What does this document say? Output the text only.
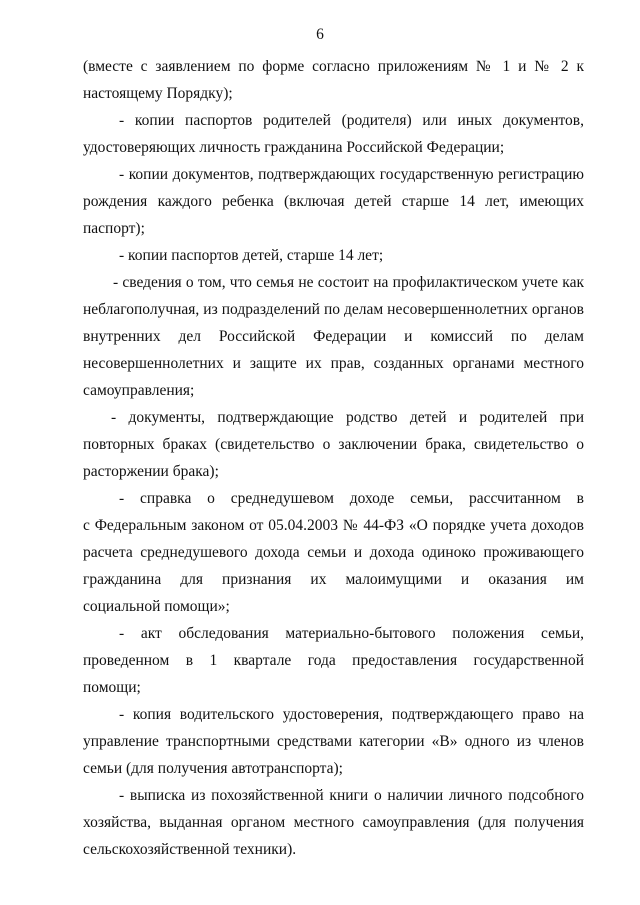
6
(вместе с заявлением по форме согласно приложениям № 1 и № 2 к
настоящему Порядку);
- копии паспортов родителей (родителя) или иных документов,
удостоверяющих личность гражданина Российской Федерации;
- копии документов, подтверждающих государственную регистрацию
рождения каждого ребенка (включая детей старше 14 лет, имеющих
паспорт);
- копии паспортов детей, старше 14 лет;
- сведения о том, что семья не состоит на профилактическом учете как
неблагополучная, из подразделений по делам несовершеннолетних органов
внутренних дел Российской Федерации и комиссий по делам
несовершеннолетних и защите их прав, созданных органами местного
самоуправления;
- документы, подтверждающие родство детей и родителей при
повторных браках (свидетельство о заключении брака, свидетельство о
расторжении брака);
- справка о среднедушевом доходе семьи, рассчитанном в
с Федеральным законом от 05.04.2003 № 44-ФЗ «О порядке учета доходов
расчета среднедушевого дохода семьи и дохода одиноко проживающего
гражданина для признания их малоимущими и оказания им
социальной помощи»;
- акт обследования материально-бытового положения семьи,
проведенном в 1 квартале года предоставления государственной
помощи;
- копия водительского удостоверения, подтверждающего право на
управление транспортными средствами категории «В» одного из членов
семьи (для получения автотранспорта);
- выписка из похозяйственной книги о наличии личного подсобного
хозяйства, выданная органом местного самоуправления (для получения
сельскохозяйственной техники).
